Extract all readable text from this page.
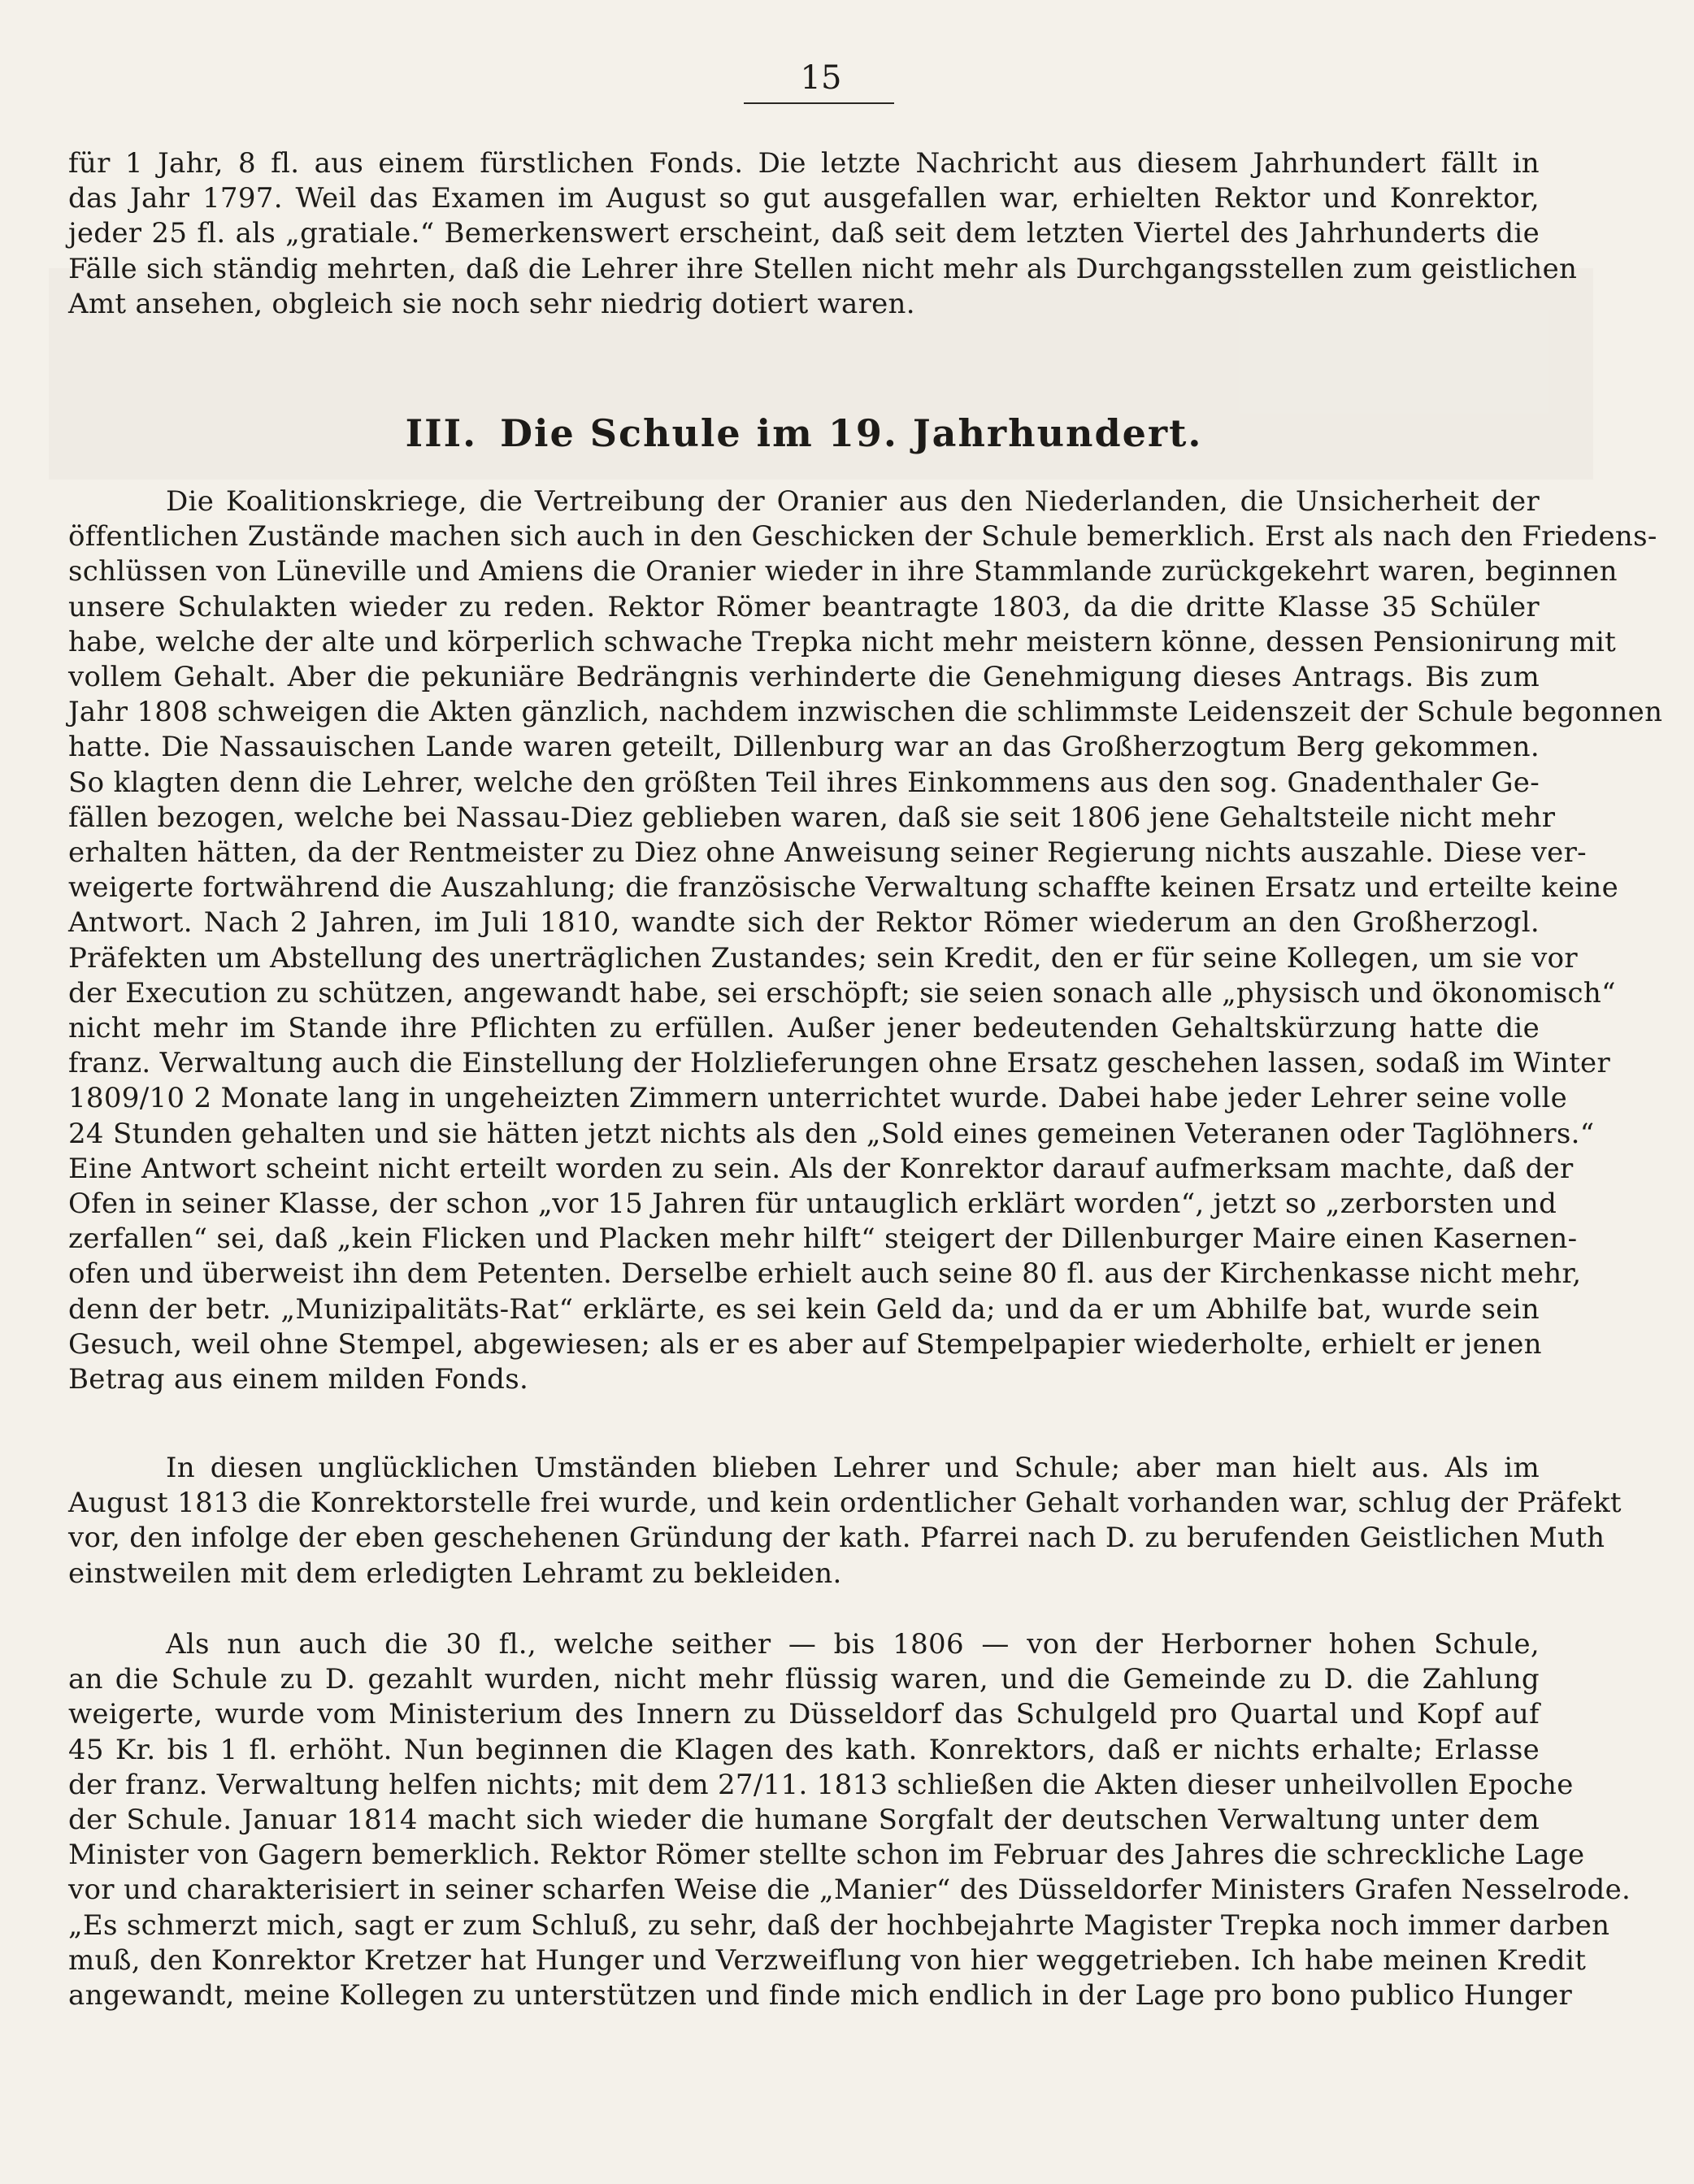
15

für 1 Jahr, 8 fl. aus einem fürstlichen Fonds. Die letzte Nachricht aus diesem Jahrhundert fällt in
das Jahr 1797. Weil das Examen im August so gut ausgefallen war, erhielten Rektor und Konrektor,
jeder 25 fl. als „gratiale.“ Bemerkenswert erscheint, daß seit dem letzten Viertel des Jahrhunderts die
Fälle sich ständig mehrten, daß die Lehrer ihre Stellen nicht mehr als Durchgangsstellen zum geistlichen
Amt ansehen, obgleich sie noch sehr niedrig dotiert waren.

III. Die Schule im 19. Jahrhundert.

Die Koalitionskriege, die Vertreibung der Oranier aus den Niederlanden, die Unsicherheit der
öffentlichen Zustände machen sich auch in den Geschicken der Schule bemerklich. Erst als nach den Friedens-
schlüssen von Lüneville und Amiens die Oranier wieder in ihre Stammlande zurückgekehrt waren, beginnen
unsere Schulakten wieder zu reden. Rektor Römer beantragte 1803, da die dritte Klasse 35 Schüler
habe, welche der alte und körperlich schwache Trepka nicht mehr meistern könne, dessen Pensionirung mit
vollem Gehalt. Aber die pekuniäre Bedrängnis verhinderte die Genehmigung dieses Antrags. Bis zum
Jahr 1808 schweigen die Akten gänzlich, nachdem inzwischen die schlimmste Leidenszeit der Schule begonnen
hatte. Die Nassauischen Lande waren geteilt, Dillenburg war an das Großherzogtum Berg gekommen.
So klagten denn die Lehrer, welche den größten Teil ihres Einkommens aus den sog. Gnadenthaler Ge-
fällen bezogen, welche bei Nassau-Diez geblieben waren, daß sie seit 1806 jene Gehaltsteile nicht mehr
erhalten hätten, da der Rentmeister zu Diez ohne Anweisung seiner Regierung nichts auszahle. Diese ver-
weigerte fortwährend die Auszahlung; die französische Verwaltung schaffte keinen Ersatz und erteilte keine
Antwort. Nach 2 Jahren, im Juli 1810, wandte sich der Rektor Römer wiederum an den Großherzogl.
Präfekten um Abstellung des unerträglichen Zustandes; sein Kredit, den er für seine Kollegen, um sie vor
der Execution zu schützen, angewandt habe, sei erschöpft; sie seien sonach alle „physisch und ökonomisch“
nicht mehr im Stande ihre Pflichten zu erfüllen. Außer jener bedeutenden Gehaltskürzung hatte die
franz. Verwaltung auch die Einstellung der Holzlieferungen ohne Ersatz geschehen lassen, sodaß im Winter
1809/10 2 Monate lang in ungeheizten Zimmern unterrichtet wurde. Dabei habe jeder Lehrer seine volle
24 Stunden gehalten und sie hätten jetzt nichts als den „Sold eines gemeinen Veteranen oder Taglöhners.“
Eine Antwort scheint nicht erteilt worden zu sein. Als der Konrektor darauf aufmerksam machte, daß der
Ofen in seiner Klasse, der schon „vor 15 Jahren für untauglich erklärt worden“, jetzt so „zerborsten und
zerfallen“ sei, daß „kein Flicken und Placken mehr hilft“ steigert der Dillenburger Maire einen Kasernen-
ofen und überweist ihn dem Petenten. Derselbe erhielt auch seine 80 fl. aus der Kirchenkasse nicht mehr,
denn der betr. „Munizipalitäts-Rat“ erklärte, es sei kein Geld da; und da er um Abhilfe bat, wurde sein
Gesuch, weil ohne Stempel, abgewiesen; als er es aber auf Stempelpapier wiederholte, erhielt er jenen
Betrag aus einem milden Fonds.

In diesen unglücklichen Umständen blieben Lehrer und Schule; aber man hielt aus. Als im
August 1813 die Konrektorstelle frei wurde, und kein ordentlicher Gehalt vorhanden war, schlug der Präfekt
vor, den infolge der eben geschehenen Gründung der kath. Pfarrei nach D. zu berufenden Geistlichen Muth
einstweilen mit dem erledigten Lehramt zu bekleiden.

Als nun auch die 30 fl., welche seither — bis 1806 — von der Herborner hohen Schule,
an die Schule zu D. gezahlt wurden, nicht mehr flüssig waren, und die Gemeinde zu D. die Zahlung
weigerte, wurde vom Ministerium des Innern zu Düsseldorf das Schulgeld pro Quartal und Kopf auf
45 Kr. bis 1 fl. erhöht. Nun beginnen die Klagen des kath. Konrektors, daß er nichts erhalte; Erlasse
der franz. Verwaltung helfen nichts; mit dem 27/11. 1813 schließen die Akten dieser unheilvollen Epoche
der Schule. Januar 1814 macht sich wieder die humane Sorgfalt der deutschen Verwaltung unter dem
Minister von Gagern bemerklich. Rektor Römer stellte schon im Februar des Jahres die schreckliche Lage
vor und charakterisiert in seiner scharfen Weise die „Manier“ des Düsseldorfer Ministers Grafen Nesselrode.
„Es schmerzt mich, sagt er zum Schluß, zu sehr, daß der hochbejahrte Magister Trepka noch immer darben
muß, den Konrektor Kretzer hat Hunger und Verzweiflung von hier weggetrieben. Ich habe meinen Kredit
angewandt, meine Kollegen zu unterstützen und finde mich endlich in der Lage pro bono publico Hunger
